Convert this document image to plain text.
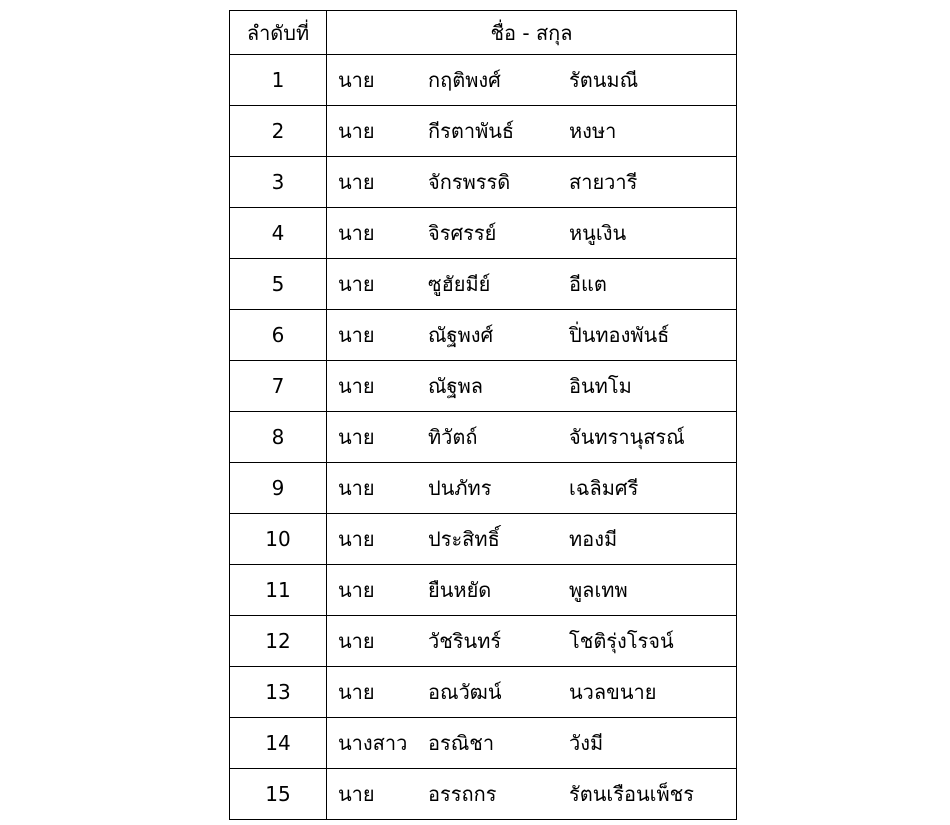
ลำดับที่	ชื่อ - สกุล
1	นาย กฤติพงศ์ รัตนมณี

2	นาย กีรตาพันธ์ หงษา

3	นาย จักรพรรดิ สายวารี

4	นาย จิรศรรย์ หนูเงิน

5	นาย ซูฮัยมีย์ อีแต

6	นาย ณัฐพงศ์ ปิ่นทองพันธ์

7	นาย ณัฐพล อินทโม

8	นาย ทิวัตถ์ จันทรานุสรณ์

9	นาย ปนภัทร เฉลิมศรี

10	นาย ประสิทธิ์ ทองมี

11	นาย ยืนหยัด พูลเทพ

12	นาย วัชรินทร์ โชติรุ่งโรจน์

13	นาย อณวัฒน์ นวลขนาย

14	นางสาว อรณิชา วังมี

15	นาย อรรถกร รัตนเรือนเพ็ชร
